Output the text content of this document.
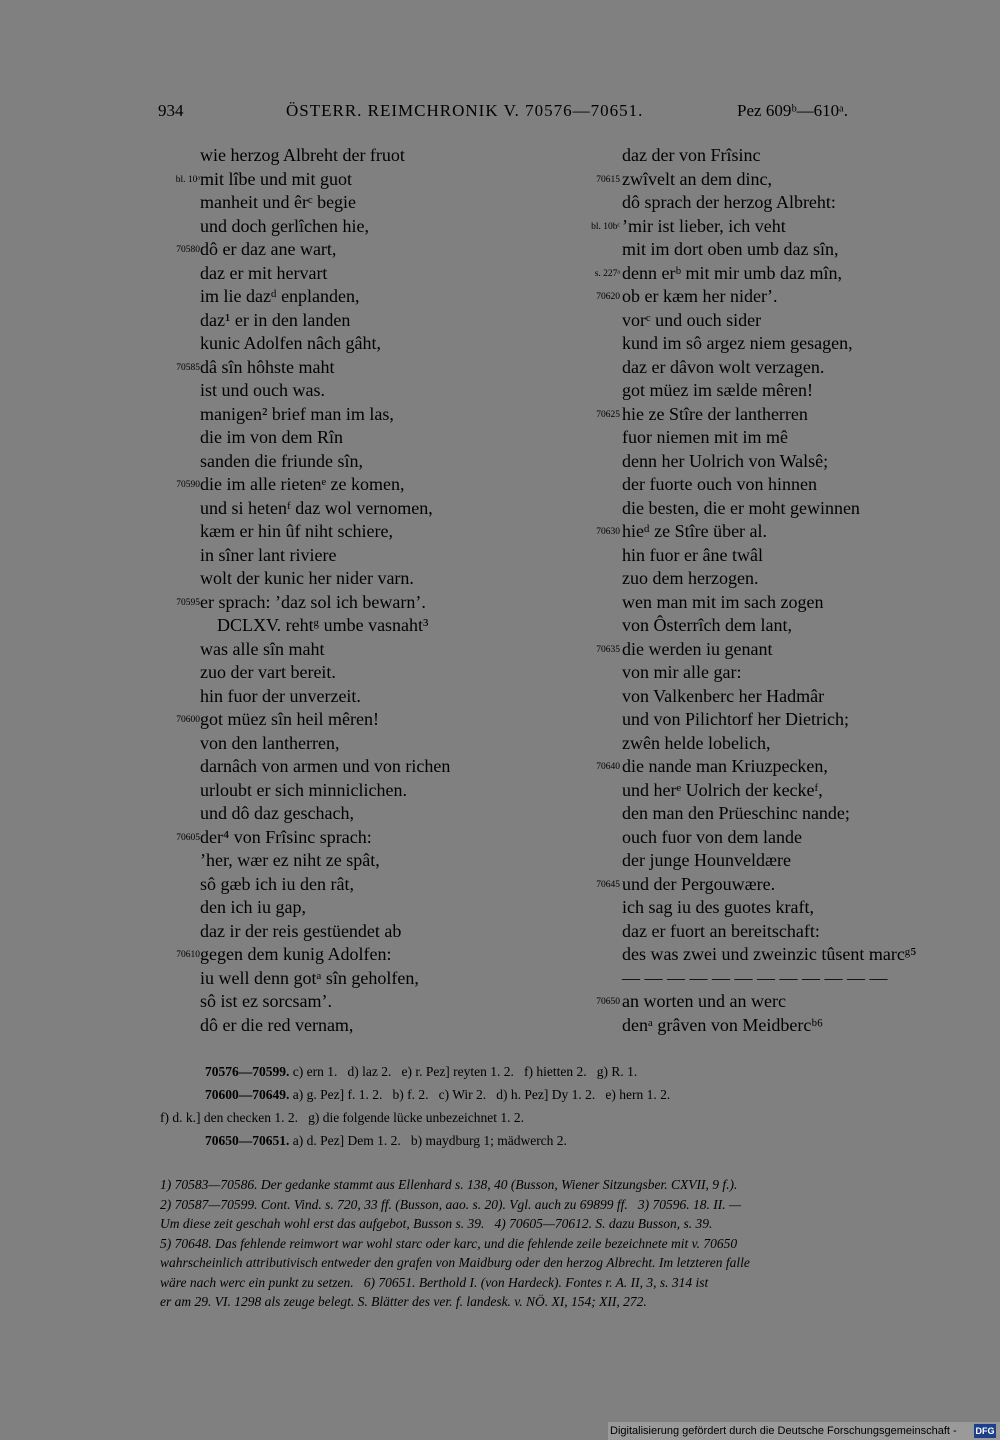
934	ÖSTERR. REIMCHRONIK V. 70576—70651.	Pez 609ᵇ—610ᵃ.
wie herzog Albreht der fruot
bl. 10ᵃ mit lîbe und mit guot
manheit und êrᶜ begie
und doch gerlîchen hie,
70580 dô er daz ane wart,
daz er mit hervart
im lie dazᵈ enplanden,
daz¹ er in den landen
kunic Adolfen nâch gâht,
70585 dâ sîn hôhste maht
ist und ouch was.
manigen² brief man im las,
die im von dem Rîn
sanden die friunde sîn,
70590 die im alle rietenᵉ ze komen,
und si hetenᶠ daz wol vernomen,
kæm er hin ûf niht schiere,
in sîner lant riviere
wolt der kunic her nider varn.
70595 er sprach: ʼdaz sol ich bewarnʼ.
DCLXV. rehtᵍ umbe vasnaht³
was alle sîn maht
zuo der vart bereit.
hin fuor der unverzeit.
70600 got müez sîn heil mêren!
von den lantherren,
darnâch von armen und von richen
urloubt er sich minniclichen.
und dô daz geschach,
70605 der⁴ von Frîsinc sprach:
ʼher, wær ez niht ze spât,
sô gæb ich iu den rât,
den ich iu gap,
daz ir der reis gestüendet ab
70610 gegen dem kunig Adolfen:
iu well denn gotᵃ sîn geholfen,
sô ist ez sorcsamʼ.
dô er die red vernam,
daz der von Frîsinc
70615 zwîvelt an dem dinc,
dô sprach der herzog Albreht:
bl. 10bᶜ ʼmir ist lieber, ich veht
mit im dort oben umb daz sîn,
s. 227ᵃ denn erᵇ mit mir umb daz mîn,
70620 ob er kæm her niderʼ.
vorᶜ und ouch sider
kund im sô argez niem gesagen,
daz er dâvon wolt verzagen.
got müez im sælde mêren!
70625 hie ze Stîre der lantherren
fuor niemen mit im mê
denn her Uolrich von Walsê;
der fuorte ouch von hinnen
die besten, die er moht gewinnen
70630 hieᵈ ze Stîre über al.
hin fuor er âne twâl
zuo dem herzogen.
wen man mit im sach zogen
von Ôsterrîch dem lant,
70635 die werden iu genant
von mir alle gar:
von Valkenberc her Hadmâr
und von Pilichtorf her Dietrich;
zwên helde lobelich,
70640 die nande man Kriuzpecken,
und herᵉ Uolrich der keckeᶠ,
den man den Prüeschinc nande;
ouch fuor von dem lande
der junge Hounveldære
70645 und der Pergouwære.
ich sag iu des guotes kraft,
daz er fuort an bereitschaft:
des was zwei und zweinzic tûsent marcᵍ⁵
— — — — — — — — — — — —
70650 an worten und an werc
denᵃ grâven von Meidbercᵇ⁶
70576—70599. c) ern 1.   d) laz 2.   e) r. Pez] reyten 1. 2.   f) hietten 2.   g) R. 1.
70600—70649. a) g. Pez] f. 1. 2.   b) f. 2.   c) Wir 2.   d) h. Pez] Dy 1. 2.   e) hern 1. 2.
f) d. k.] den checken 1. 2.   g) die folgende lücke unbezeichnet 1. 2.
70650—70651. a) d. Pez] Dem 1. 2.   b) maydburg 1; mädwerch 2.
1) 70583—70586. Der gedanke stammt aus Ellenhard s. 138, 40 (Busson, Wiener Sitzungsber. CXVII, 9 f.).
2) 70587—70599. Cont. Vind. s. 720, 33 ff. (Busson, aao. s. 20). Vgl. auch zu 69899 ff.   3) 70596. 18. II. —
Um diese zeit geschah wohl erst das aufgebot, Busson s. 39.   4) 70605—70612. S. dazu Busson, s. 39.
5) 70648. Das fehlende reimwort war wohl starc oder karc, und die fehlende zeile bezeichnete mit v. 70650
wahrscheinlich attributivisch entweder den grafen von Maidburg oder den herzog Albrecht. Im letzteren falle
wäre nach werc ein punkt zu setzen.   6) 70651. Berthold I. (von Hardeck). Fontes r. A. II, 3, s. 314 ist
er am 29. VI. 1298 als zeuge belegt. S. Blätter des ver. f. landesk. v. NÖ. XI, 154; XII, 272.
Digitalisierung gefördert durch die Deutsche Forschungsgemeinschaft - DFG
